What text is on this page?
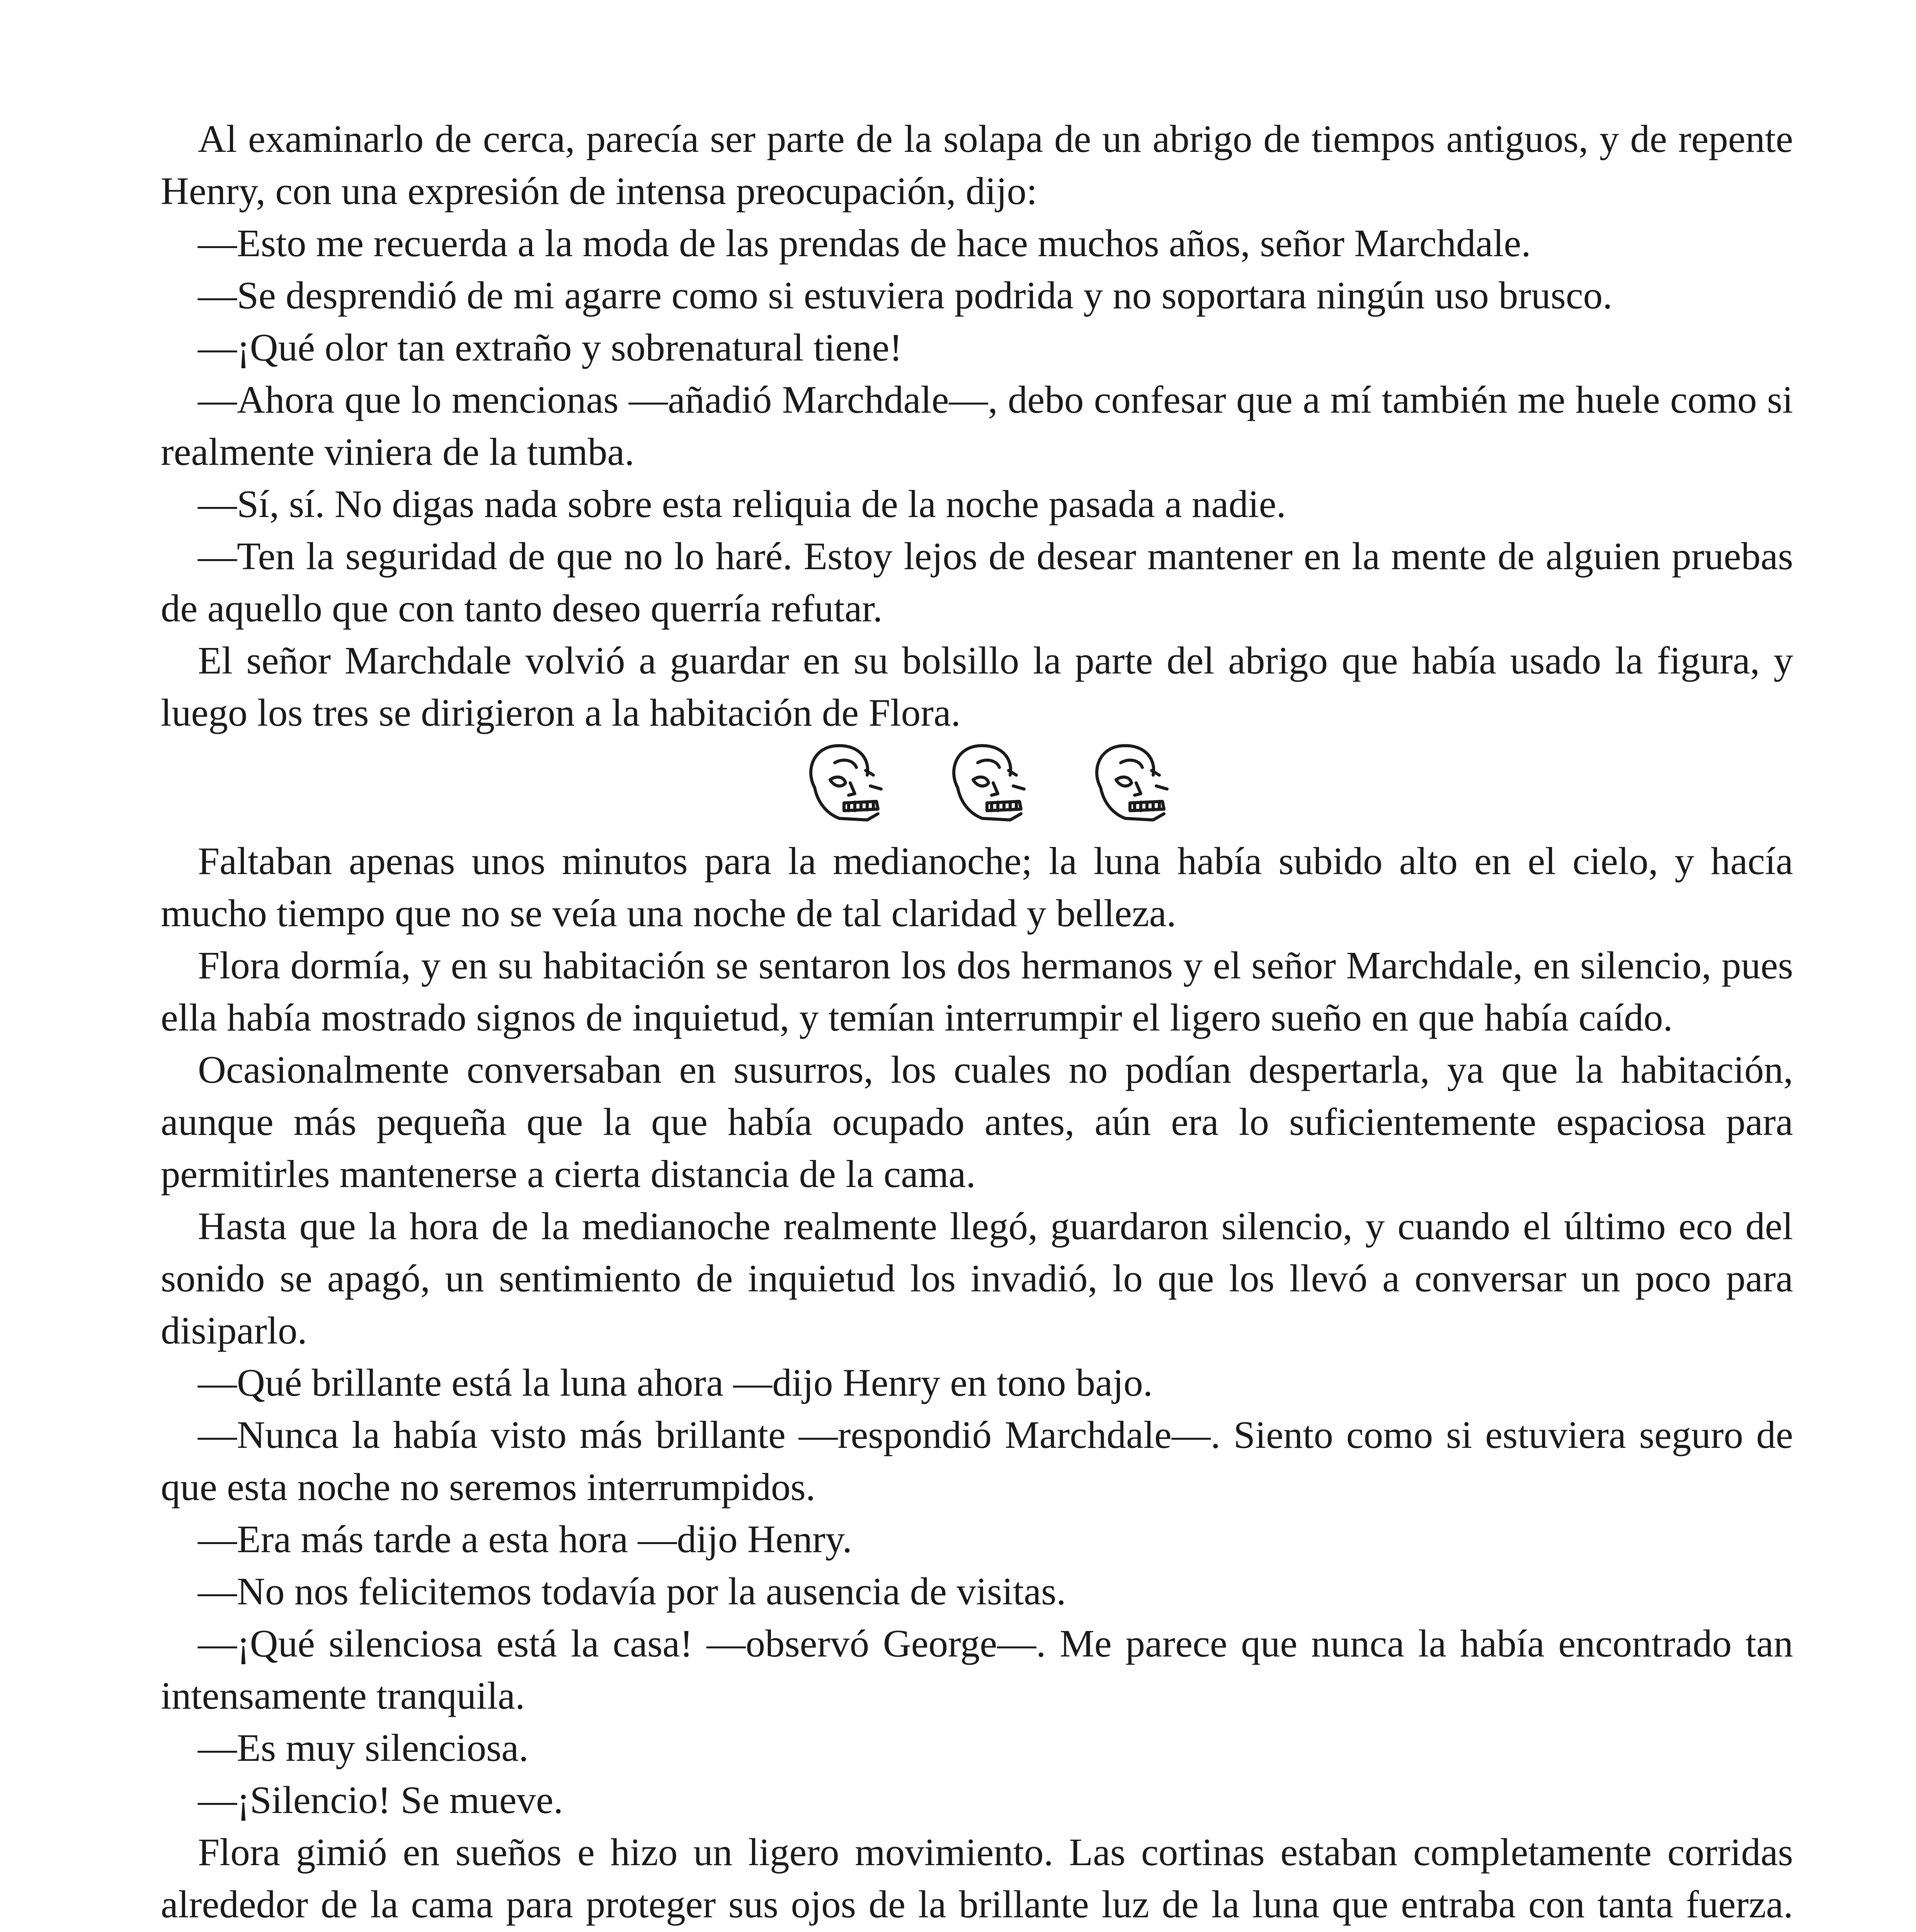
Al examinarlo de cerca, parecía ser parte de la solapa de un abrigo de tiempos antiguos, y de repente Henry, con una expresión de intensa preocupación, dijo:

—Esto me recuerda a la moda de las prendas de hace muchos años, señor Marchdale.

—Se desprendió de mi agarre como si estuviera podrida y no soportara ningún uso brusco.

—¡Qué olor tan extraño y sobrenatural tiene!

—Ahora que lo mencionas —añadió Marchdale—, debo confesar que a mí también me huele como si realmente viniera de la tumba.

—Sí, sí. No digas nada sobre esta reliquia de la noche pasada a nadie.

—Ten la seguridad de que no lo haré. Estoy lejos de desear mantener en la mente de alguien pruebas de aquello que con tanto deseo querría refutar.

El señor Marchdale volvió a guardar en su bolsillo la parte del abrigo que había usado la figura, y luego los tres se dirigieron a la habitación de Flora.

Faltaban apenas unos minutos para la medianoche; la luna había subido alto en el cielo, y hacía mucho tiempo que no se veía una noche de tal claridad y belleza.

Flora dormía, y en su habitación se sentaron los dos hermanos y el señor Marchdale, en silencio, pues ella había mostrado signos de inquietud, y temían interrumpir el ligero sueño en que había caído.

Ocasionalmente conversaban en susurros, los cuales no podían despertarla, ya que la habitación, aunque más pequeña que la que había ocupado antes, aún era lo suficientemente espaciosa para permitirles mantenerse a cierta distancia de la cama.

Hasta que la hora de la medianoche realmente llegó, guardaron silencio, y cuando el último eco del sonido se apagó, un sentimiento de inquietud los invadió, lo que los llevó a conversar un poco para disiparlo.

—Qué brillante está la luna ahora —dijo Henry en tono bajo.

—Nunca la había visto más brillante —respondió Marchdale—. Siento como si estuviera seguro de que esta noche no seremos interrumpidos.

—Era más tarde a esta hora —dijo Henry.

—No nos felicitemos todavía por la ausencia de visitas.

—¡Qué silenciosa está la casa! —observó George—. Me parece que nunca la había encontrado tan intensamente tranquila.

—Es muy silenciosa.

—¡Silencio! Se mueve.

Flora gimió en sueños e hizo un ligero movimiento. Las cortinas estaban completamente corridas alrededor de la cama para proteger sus ojos de la brillante luz de la luna que entraba con tanta fuerza.
